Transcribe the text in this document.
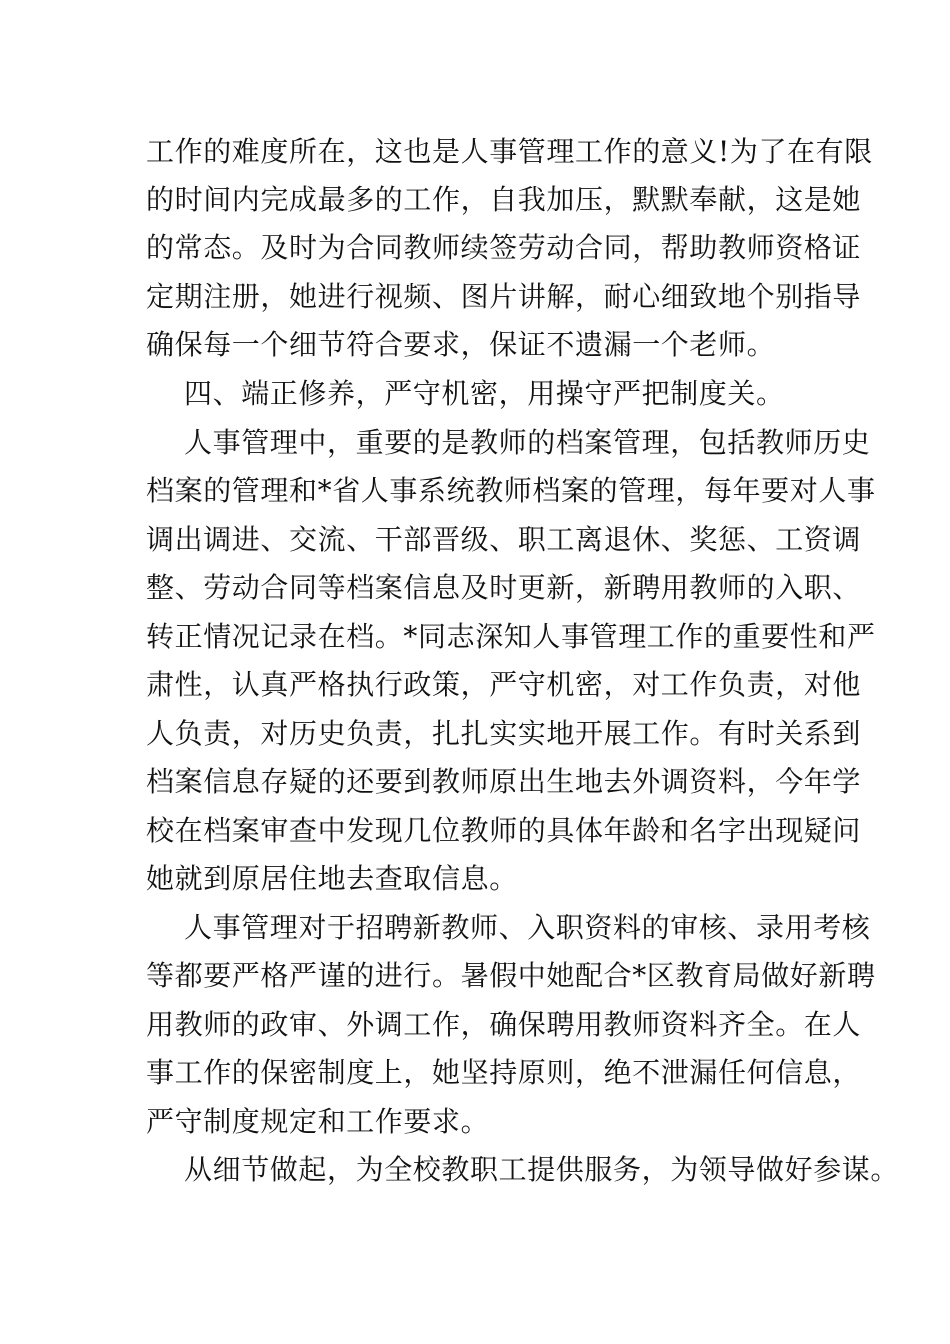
工作的难度所在，这也是人事管理工作的意义!为了在有限
的时间内完成最多的工作，自我加压，默默奉献，这是她
的常态。及时为合同教师续签劳动合同，帮助教师资格证
定期注册，她进行视频、图片讲解，耐心细致地个别指导
确保每一个细节符合要求，保证不遗漏一个老师。
四、端正修养，严守机密，用操守严把制度关。
人事管理中，重要的是教师的档案管理，包括教师历史
档案的管理和*省人事系统教师档案的管理，每年要对人事
调出调进、交流、干部晋级、职工离退休、奖惩、工资调
整、劳动合同等档案信息及时更新，新聘用教师的入职、
转正情况记录在档。*同志深知人事管理工作的重要性和严
肃性，认真严格执行政策，严守机密，对工作负责，对他
人负责，对历史负责，扎扎实实地开展工作。有时关系到
档案信息存疑的还要到教师原出生地去外调资料，今年学
校在档案审查中发现几位教师的具体年龄和名字出现疑问
她就到原居住地去查取信息。
人事管理对于招聘新教师、入职资料的审核、录用考核
等都要严格严谨的进行。暑假中她配合*区教育局做好新聘
用教师的政审、外调工作，确保聘用教师资料齐全。在人
事工作的保密制度上，她坚持原则，绝不泄漏任何信息，
严守制度规定和工作要求。
从细节做起，为全校教职工提供服务，为领导做好参谋。
